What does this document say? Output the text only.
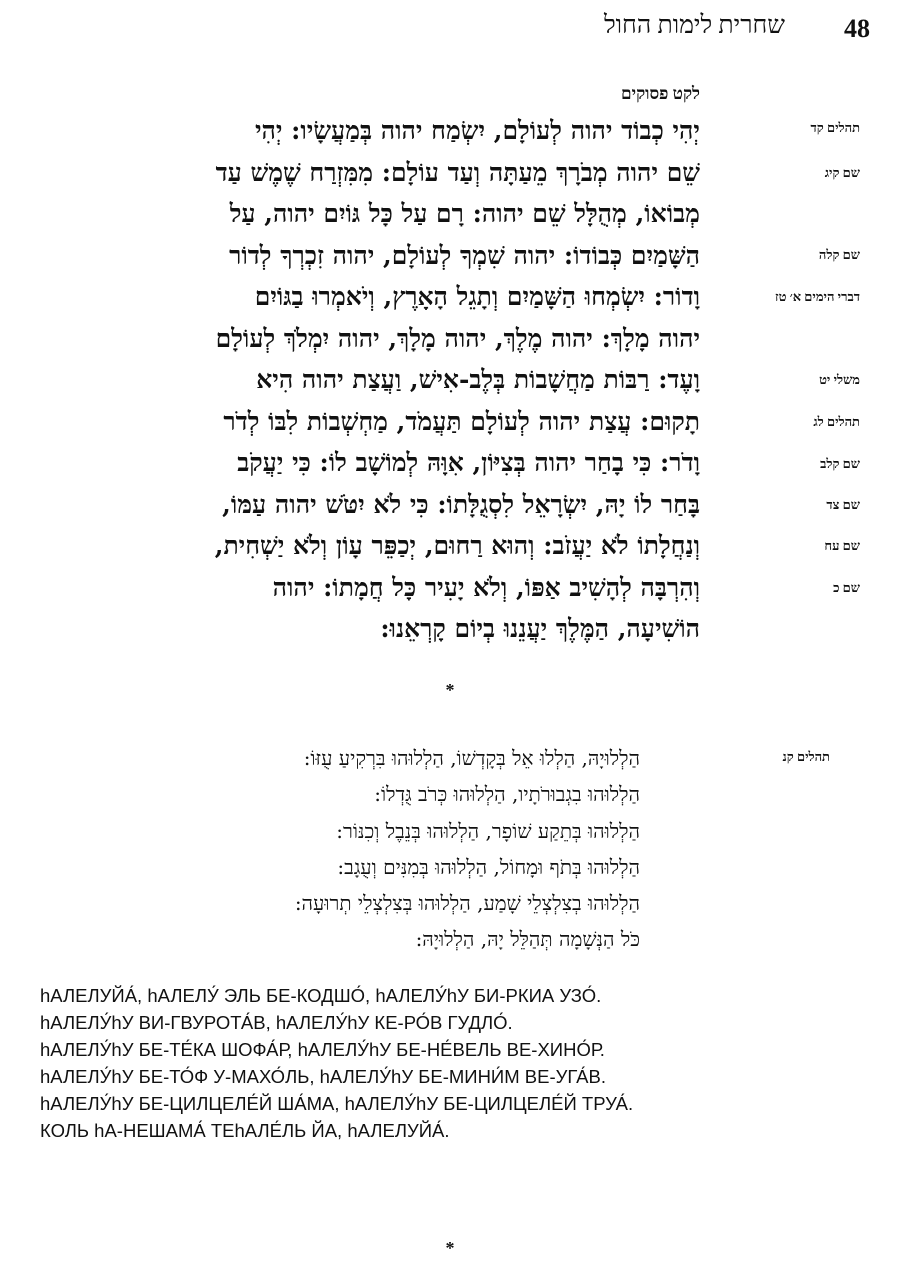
48
שחרית לימות החול
לקט פסוקים
יְהִי כְבוֹד יהוה לְעוֹלָם, יִשְׂמַח יהוה בְּמַעֲשָׂיו: יְהִי
שֵׁם יהוה מְבֹרָךְ מֵעַתָּה וְעַד עוֹלָם: מִמִּזְרַח שֶׁמֶשׁ עַד
מְבוֹאוֹ, מְהֻלָּל שֵׁם יהוה: רָם עַל כָּל גּוֹיִם יהוה, עַל
הַשָּׁמַיִם כְּבוֹדוֹ: יהוה שִׁמְךָ לְעוֹלָם, יהוה זִכְרְךָ לְדוֹר
וָדוֹר: יִשְׂמְחוּ הַשָּׁמַיִם וְתָגֵל הָאָרֶץ, וְיֹאמְרוּ בַגּוֹיִם
יהוה מָלָךְ: יהוה מֶלֶךְ, יהוה מָלָךְ, יהוה יִמְלֹךְ לְעוֹלָם
וָעֶד: רַבּוֹת מַחֲשָׁבוֹת בְּלֶב-אִישׁ, וַעֲצַת יהוה הִיא
תָקוּם: עֲצַת יהוה לְעוֹלָם תַּעֲמֹד, מַחְשְׁבוֹת לִבּוֹ לְדֹר
וָדֹר: כִּי בָחַר יהוה בְּצִיּוֹן, אִוָּהּ לְמוֹשָׁב לוֹ: כִּי יַעֲקֹב
בָּחַר לוֹ יָהּ, יִשְׂרָאֵל לִסְגֻלָּתוֹ: כִּי לֹא יִטֹּשׁ יהוה עַמּוֹ,
וְנַחֲלָתוֹ לֹא יַעֲזֹב: וְהוּא רַחוּם, יְכַפֵּר עָוֹן וְלֹא יַשְׁחִית,
וְהִרְבָּה לְהָשִׁיב אַפּוֹ, וְלֹא יָעִיר כָּל חֲמָתוֹ: יהוה
הוֹשִׁיעָה, הַמֶּלֶךְ יַעֲנֵנוּ בְיוֹם קָרְאֵנוּ:
תהלים קד
שם קיג
שם קלה
דברי הימים א׳ טז
משלי יט
תהלים לג
שם קלב
שם צד
שם עח
שם כ
*
תהלים קנ
הַלְלוּיָהּ, הַלְלוּ אֵל בְּקָדְשׁוֹ, הַלְלוּהוּ בִּרְקִיעַ עֻזּוֹ:
הַלְלוּהוּ בִגְבוּרֹתָיו, הַלְלוּהוּ כְּרֹב גֻּדְלוֹ:
הַלְלוּהוּ בְּתֵקַע שׁוֹפָר, הַלְלוּהוּ בְּנֵבֶל וְכִנּוֹר:
הַלְלוּהוּ בְּתֹף וּמָחוֹל, הַלְלוּהוּ בְּמִנִּים וְעֻגָב:
הַלְלוּהוּ בְצִלְצְלֵי שָׁמַע, הַלְלוּהוּ בְּצִלְצְלֵי תְרוּעָה:
כֹּל הַנְּשָׁמָה תְּהַלֵּל יָהּ, הַלְלוּיָהּ:
hАЛЕЛУЙА́, hАЛЕЛУ́ ЭЛЬ БЕ-КОДШО́, hАЛЕЛУ́hУ БИ-РКИА УЗО́.
hАЛЕЛУ́hУ ВИ-ГВУРОТА́В, hАЛЕЛУ́hУ КЕ-РО́В ГУДЛО́.
hАЛЕЛУ́hУ БЕ-ТЕ́КА ШОФА́Р, hАЛЕЛУ́hУ БЕ-НЕ́ВЕЛЬ ВЕ-ХИНО́Р.
hАЛЕЛУ́hУ БЕ-ТО́Ф У-МАХО́ЛЬ, hАЛЕЛУ́hУ БЕ-МИНИ́М ВЕ-УГА́В.
hАЛЕЛУ́hУ БЕ-ЦИЛЦЕЛЕ́Й ША́МА, hАЛЕЛУ́hУ БЕ-ЦИЛЦЕЛЕ́Й ТРУА́.
КОЛЬ hА-НЕШАМА́ ТЕhАЛЕ́ЛЬ ЙА, hАЛЕЛУЙА́.
*
